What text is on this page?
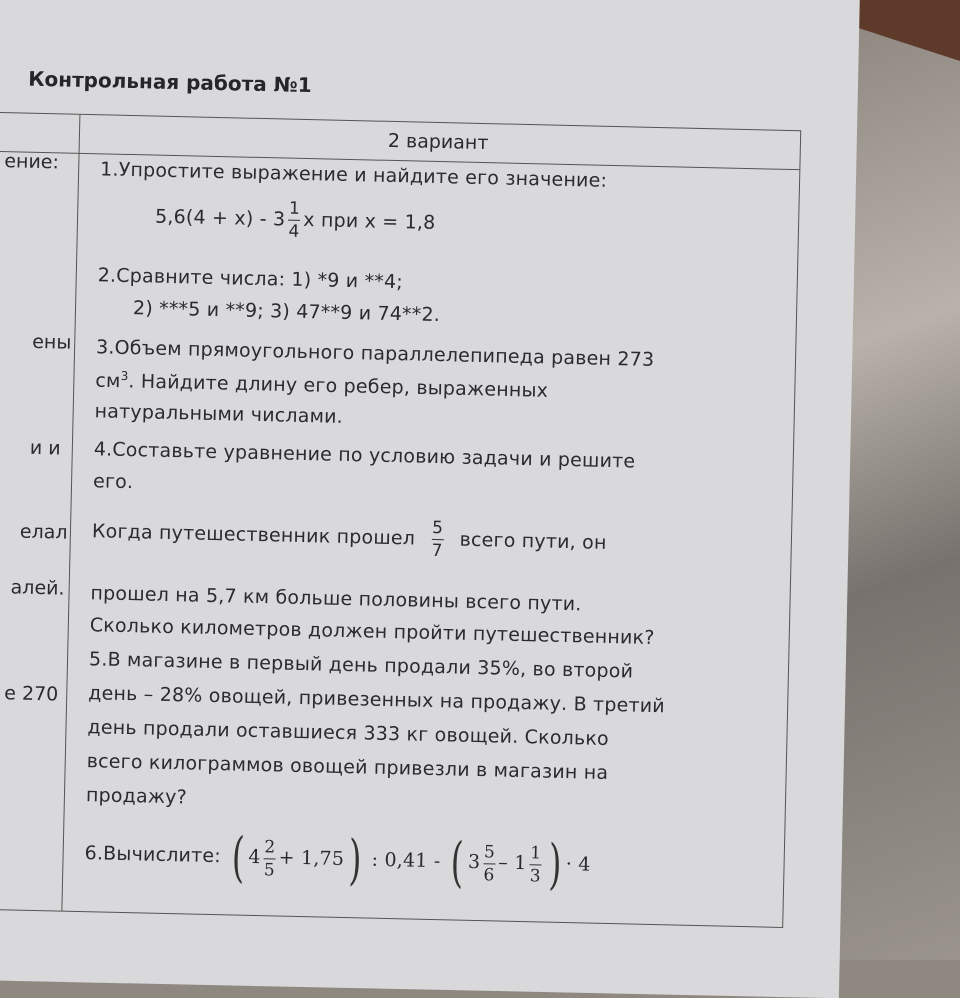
Контрольная работа №1
2 вариант
ение:
ены
и и
елал
алей.
е 270
1.Упростите выражение и найдите его значение:
$5,6(4 + x) - 3 \frac{1}{4}$ x при x = 1,8
2.Сравните числа: 1) *9 и **4;
2) ***5 и **9; 3) 47**9 и 74**2.
3.Объем прямоугольного параллелепипеда равен 273
$см^3$. Найдите длину его ребер, выраженных
натуральными числами.
4.Составьте уравнение по условию задачи и решите
его.
Когда путешественник прошел $\frac{5}{7}$ всего пути, он
прошел на 5,7 км больше половины всего пути.
Сколько километров должен пройти путешественник?
5.В магазине в первый день продали 35%, во второй
день – 28% овощей, привезенных на продажу. В третий
день продали оставшиеся 333 кг овощей. Сколько
всего килограммов овощей привезли в магазин на
продажу?
6.Вычислите: ( $4 \frac{2}{5} + 1,75$) : 0,41 - ( $3 \frac{5}{6} - 1 \frac{1}{3}$ ) · 4
